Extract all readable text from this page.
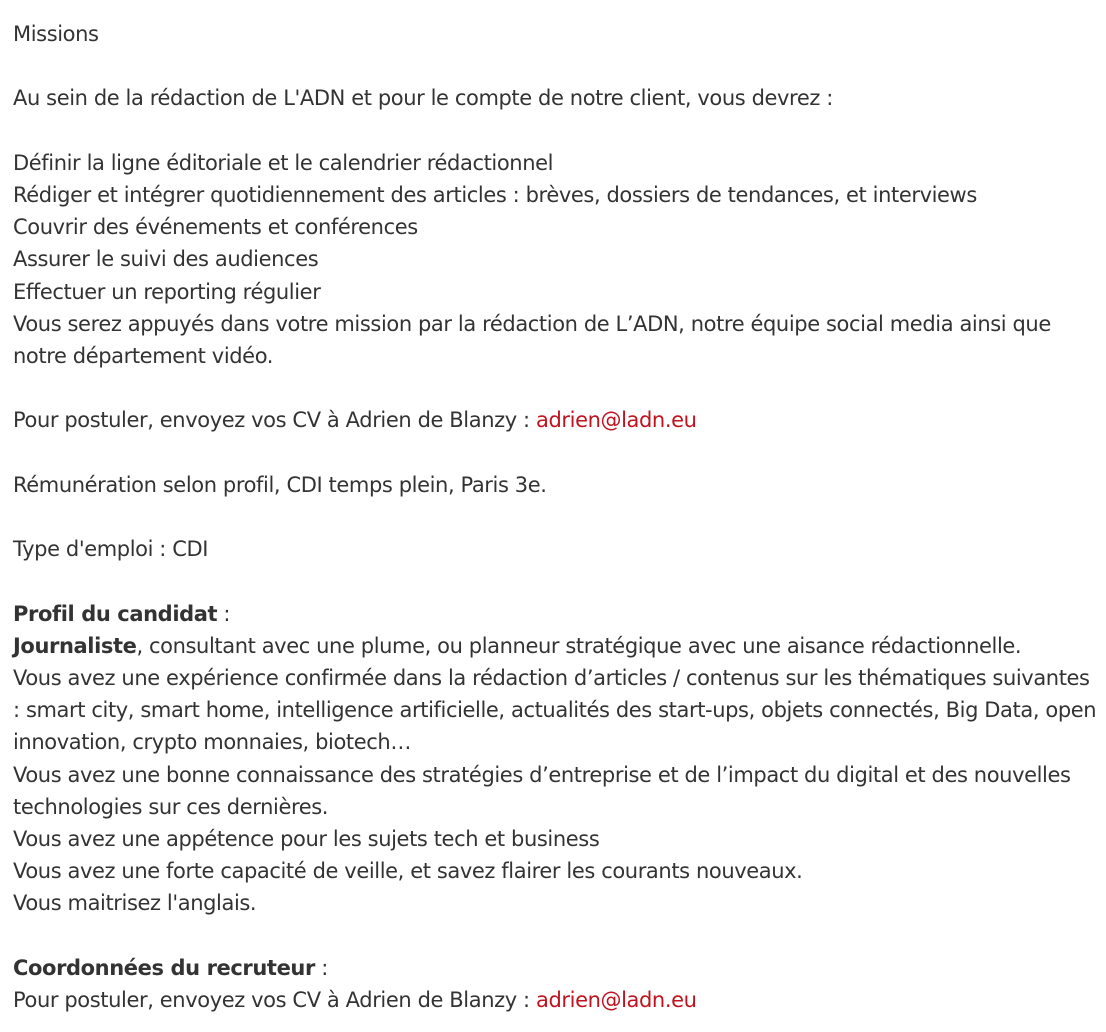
Missions

Au sein de la rédaction de L'ADN et pour le compte de notre client, vous devrez :

Définir la ligne éditoriale et le calendrier rédactionnel

Rédiger et intégrer quotidiennement des articles : brèves, dossiers de tendances, et interviews

Couvrir des événements et conférences

Assurer le suivi des audiences

Effectuer un reporting régulier

Vous serez appuyés dans votre mission par la rédaction de L’ADN, notre équipe social media ainsi que notre département vidéo.

Pour postuler, envoyez vos CV à Adrien de Blanzy : adrien@ladn.eu

Rémunération selon profil, CDI temps plein, Paris 3e.

Type d'emploi : CDI

Profil du candidat :

Journaliste, consultant avec une plume, ou planneur stratégique avec une aisance rédactionnelle.

Vous avez une expérience confirmée dans la rédaction d’articles / contenus sur les thématiques suivantes : smart city, smart home, intelligence artificielle, actualités des start-ups, objets connectés, Big Data, open innovation, crypto monnaies, biotech…

Vous avez une bonne connaissance des stratégies d’entreprise et de l’impact du digital et des nouvelles technologies sur ces dernières.

Vous avez une appétence pour les sujets tech et business

Vous avez une forte capacité de veille, et savez flairer les courants nouveaux.

Vous maitrisez l'anglais.

Coordonnées du recruteur :

Pour postuler, envoyez vos CV à Adrien de Blanzy : adrien@ladn.eu
